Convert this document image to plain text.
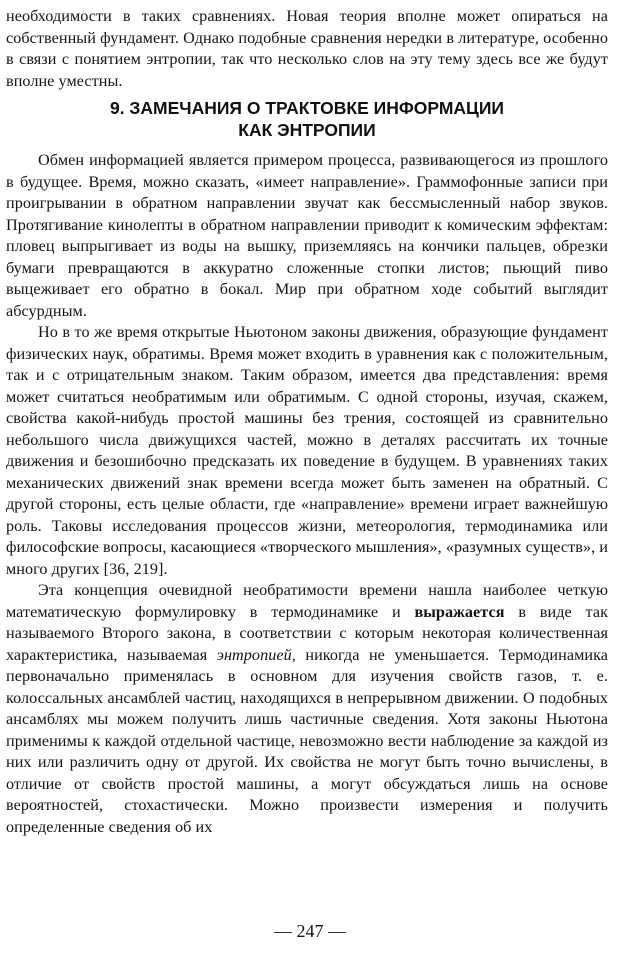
необходимости в таких сравнениях. Новая теория вполне может опираться на собственный фундамент. Однако подобные сравнения нередки в литературе, особенно в связи с понятием энтропии, так что несколько слов на эту тему здесь все же будут вполне уместны.

9. ЗАМЕЧАНИЯ О ТРАКТОВКЕ ИНФОРМАЦИИ
КАК ЭНТРОПИИ

Обмен информацией является примером процесса, развивающегося из прошлого в будущее. Время, можно сказать, «имеет направление». Граммофонные записи при проигрывании в обратном направлении звучат как бессмысленный набор звуков. Протягивание кинолепты в обратном направлении приводит к комическим эффектам: пловец выпрыгивает из воды на вышку, приземляясь на кончики пальцев, обрезки бумаги превращаются в аккуратно сложенные стопки листов; пьющий пиво выцеживает его обратно в бокал. Мир при обратном ходе событий выглядит абсурдным.

Но в то же время открытые Ньютоном законы движения, образующие фундамент физических наук, обратимы. Время может входить в уравнения как с положительным, так и с отрицательным знаком. Таким образом, имеется два представления: время может считаться необратимым или обратимым. С одной стороны, изучая, скажем, свойства какой-нибудь простой машины без трения, состоящей из сравнительно небольшого числа движущихся частей, можно в деталях рассчитать их точные движения и безошибочно предсказать их поведение в будущем. В уравнениях таких механических движений знак времени всегда может быть заменен на обратный. С другой стороны, есть целые области, где «направление» времени играет важнейшую роль. Таковы исследования процессов жизни, метеорология, термодинамика или философские вопросы, касающиеся «творческого мышления», «разумных существ», и много других [36, 219].

Эта концепция очевидной необратимости времени нашла наиболее четкую математическую формулировку в термодинамике и выражается в виде так называемого Второго закона, в соответствии с которым некоторая количественная характеристика, называемая энтропией, никогда не уменьшается. Термодинамика первоначально применялась в основном для изучения свойств газов, т. е. колоссальных ансамблей частиц, находящихся в непрерывном движении. О подобных ансамблях мы можем получить лишь частичные сведения. Хотя законы Ньютона применимы к каждой отдельной частице, невозможно вести наблюдение за каждой из них или различить одну от другой. Их свойства не могут быть точно вычислены, в отличие от свойств простой машины, а могут обсуждаться лишь на основе вероятностей, стохастически. Можно произвести измерения и получить определенные сведения об их

— 247 —
